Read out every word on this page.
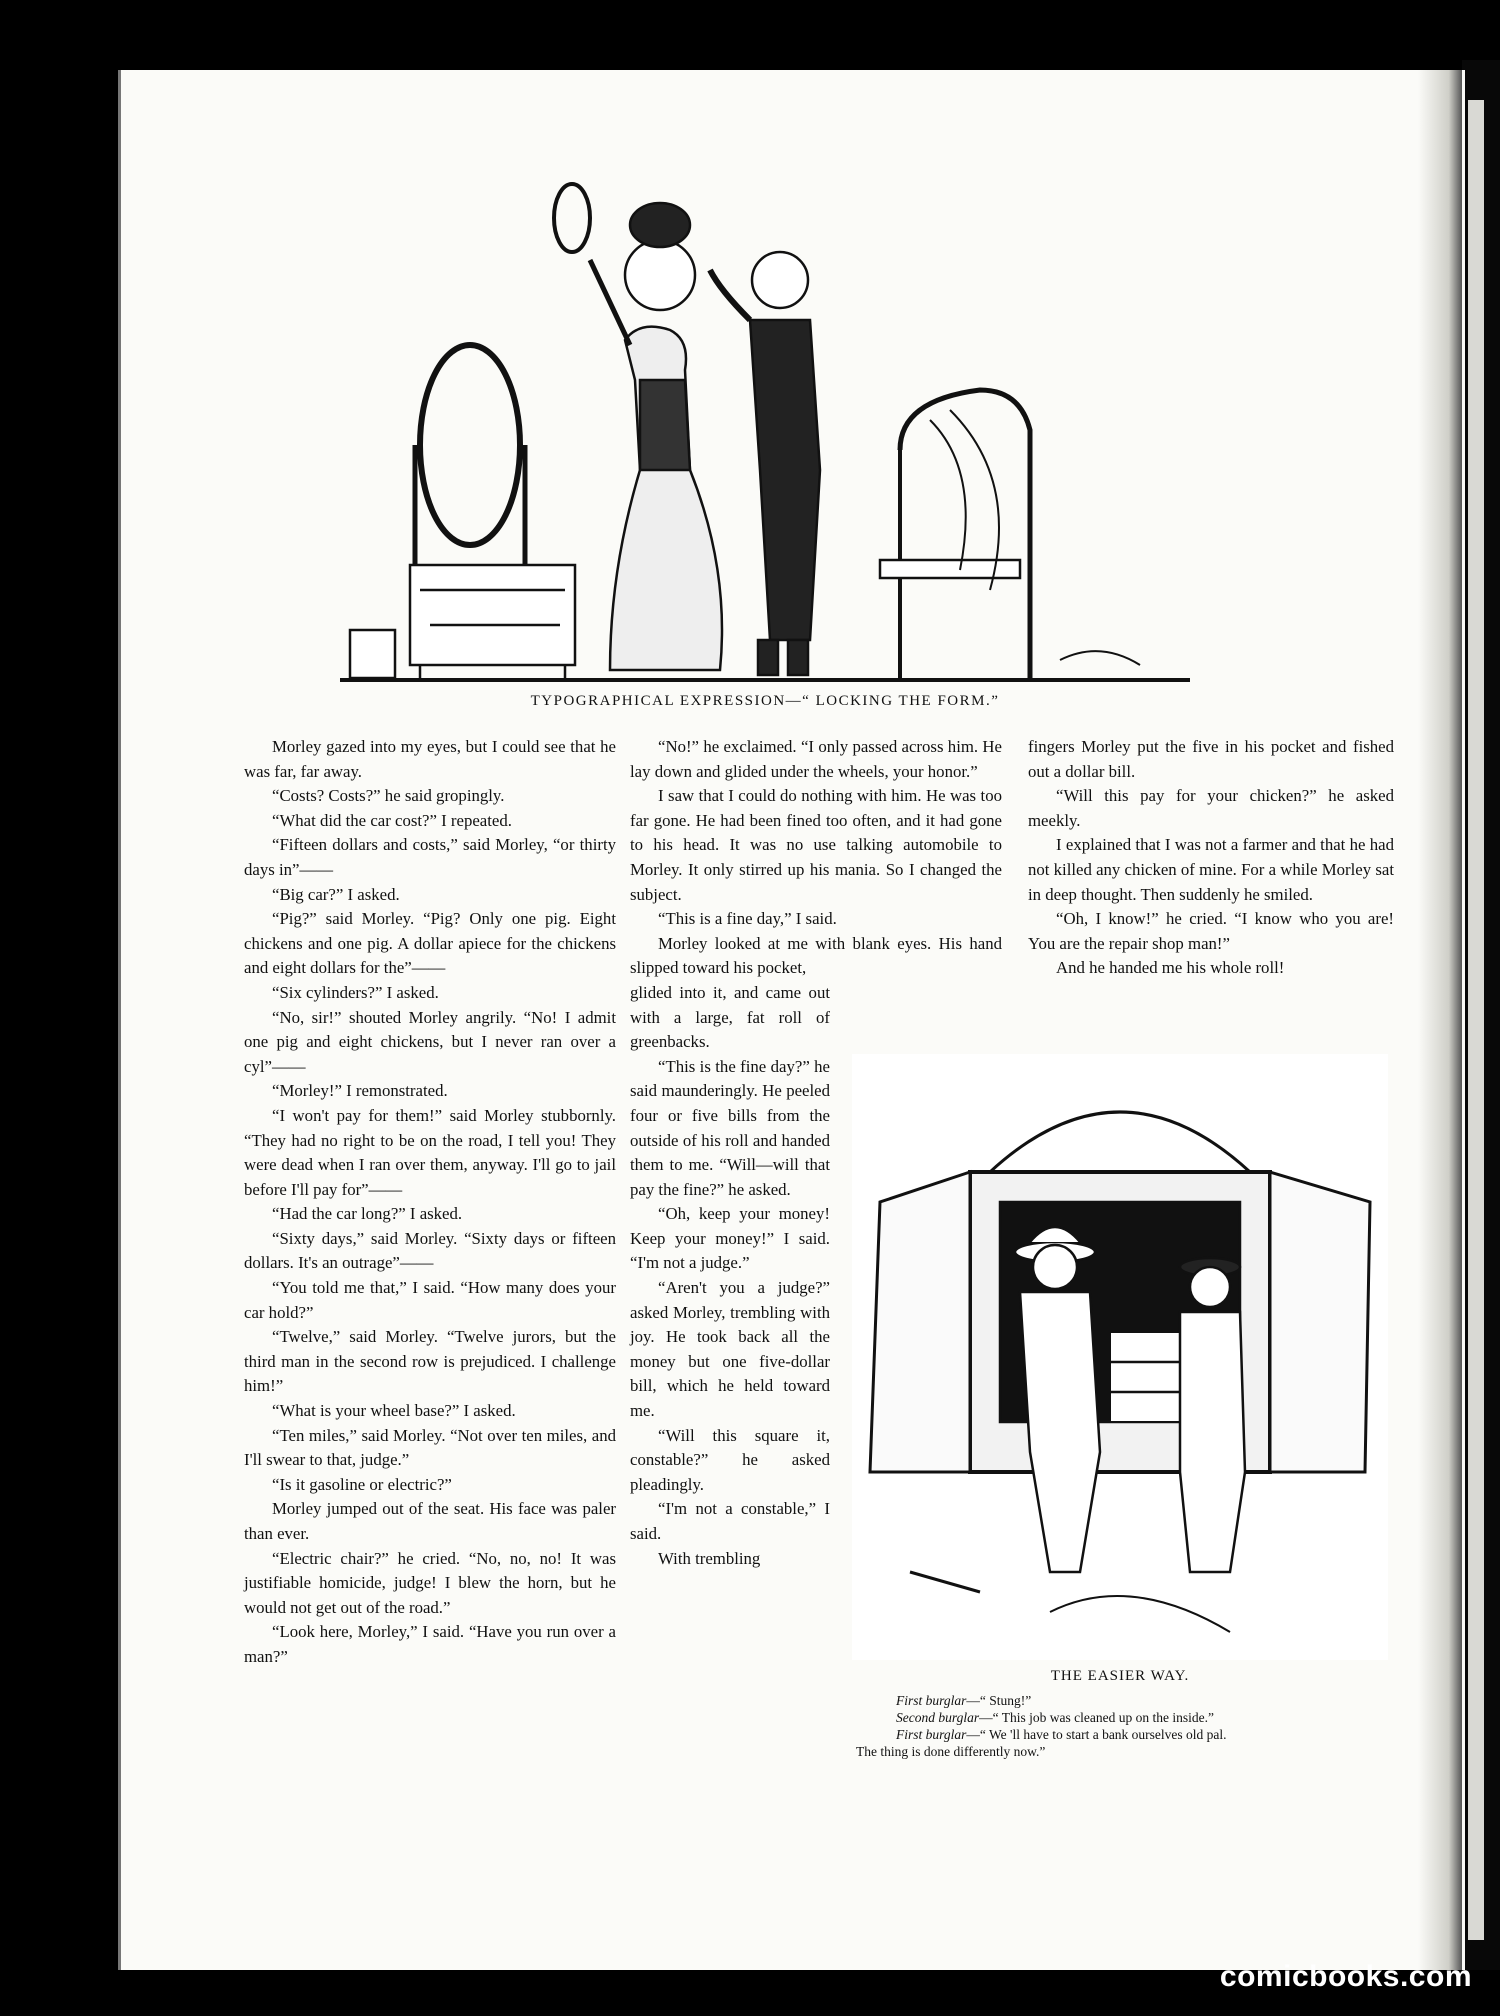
TYPOGRAPHICAL EXPRESSION—“ LOCKING THE FORM.”

Morley gazed into my eyes, but I could see that he was far, far away.

“Costs? Costs?” he said gropingly.

“What did the car cost?” I repeated.

“Fifteen dollars and costs,” said Morley, “or thirty days in”——

“Big car?” I asked.

“Pig?” said Morley. “Pig? Only one pig. Eight chickens and one pig. A dollar apiece for the chickens and eight dollars for the”——

“Six cylinders?” I asked.

“No, sir!” shouted Morley angrily. “No! I admit one pig and eight chickens, but I never ran over a cyl”——

“Morley!” I remonstrated.

“I won't pay for them!” said Morley stubbornly. “They had no right to be on the road, I tell you! They were dead when I ran over them, anyway. I'll go to jail before I'll pay for”——

“Had the car long?” I asked.

“Sixty days,” said Morley. “Sixty days or fifteen dollars. It's an outrage”——

“You told me that,” I said. “How many does your car hold?”

“Twelve,” said Morley. “Twelve jurors, but the third man in the second row is prejudiced. I challenge him!”

“What is your wheel base?” I asked.

“Ten miles,” said Morley. “Not over ten miles, and I'll swear to that, judge.”

“Is it gasoline or electric?”

Morley jumped out of the seat. His face was paler than ever.

“Electric chair?” he cried. “No, no, no! It was justifiable homicide, judge! I blew the horn, but he would not get out of the road.”

“Look here, Morley,” I said. “Have you run over a man?”

“No!” he exclaimed. “I only passed across him. He lay down and glided under the wheels, your honor.”

I saw that I could do nothing with him. He was too far gone. He had been fined too often, and it had gone to his head. It was no use talking automobile to Morley. It only stirred up his mania. So I changed the subject.

“This is a fine day,” I said.

Morley looked at me with blank eyes. His hand slipped toward his pocket,

glided into it, and came out with a large, fat roll of greenbacks.

“This is the fine day?” he said maunderingly. He peeled four or five bills from the outside of his roll and handed them to me. “Will—will that pay the fine?” he asked.

“Oh, keep your money! Keep your money!” I said. “I'm not a judge.”

“Aren't you a judge?” asked Morley, trembling with joy. He took back all the money but one five-dollar bill, which he held toward me.

“Will this square it, constable?” he asked pleadingly.

“I'm not a constable,” I said.

With trembling

fingers Morley put the five in his pocket and fished out a dollar bill.

“Will this pay for your chicken?” he asked meekly.

I explained that I was not a farmer and that he had not killed any chicken of mine. For a while Morley sat in deep thought. Then suddenly he smiled.

“Oh, I know!” he cried. “I know who you are! You are the repair shop man!”

And he handed me his whole roll!

THE EASIER WAY.
First burglar—“ Stung!”
Second burglar—“ This job was cleaned up on the inside.”
First burglar—“ We 'll have to start a bank ourselves old pal.
The thing is done differently now.”
comicbooks.com
